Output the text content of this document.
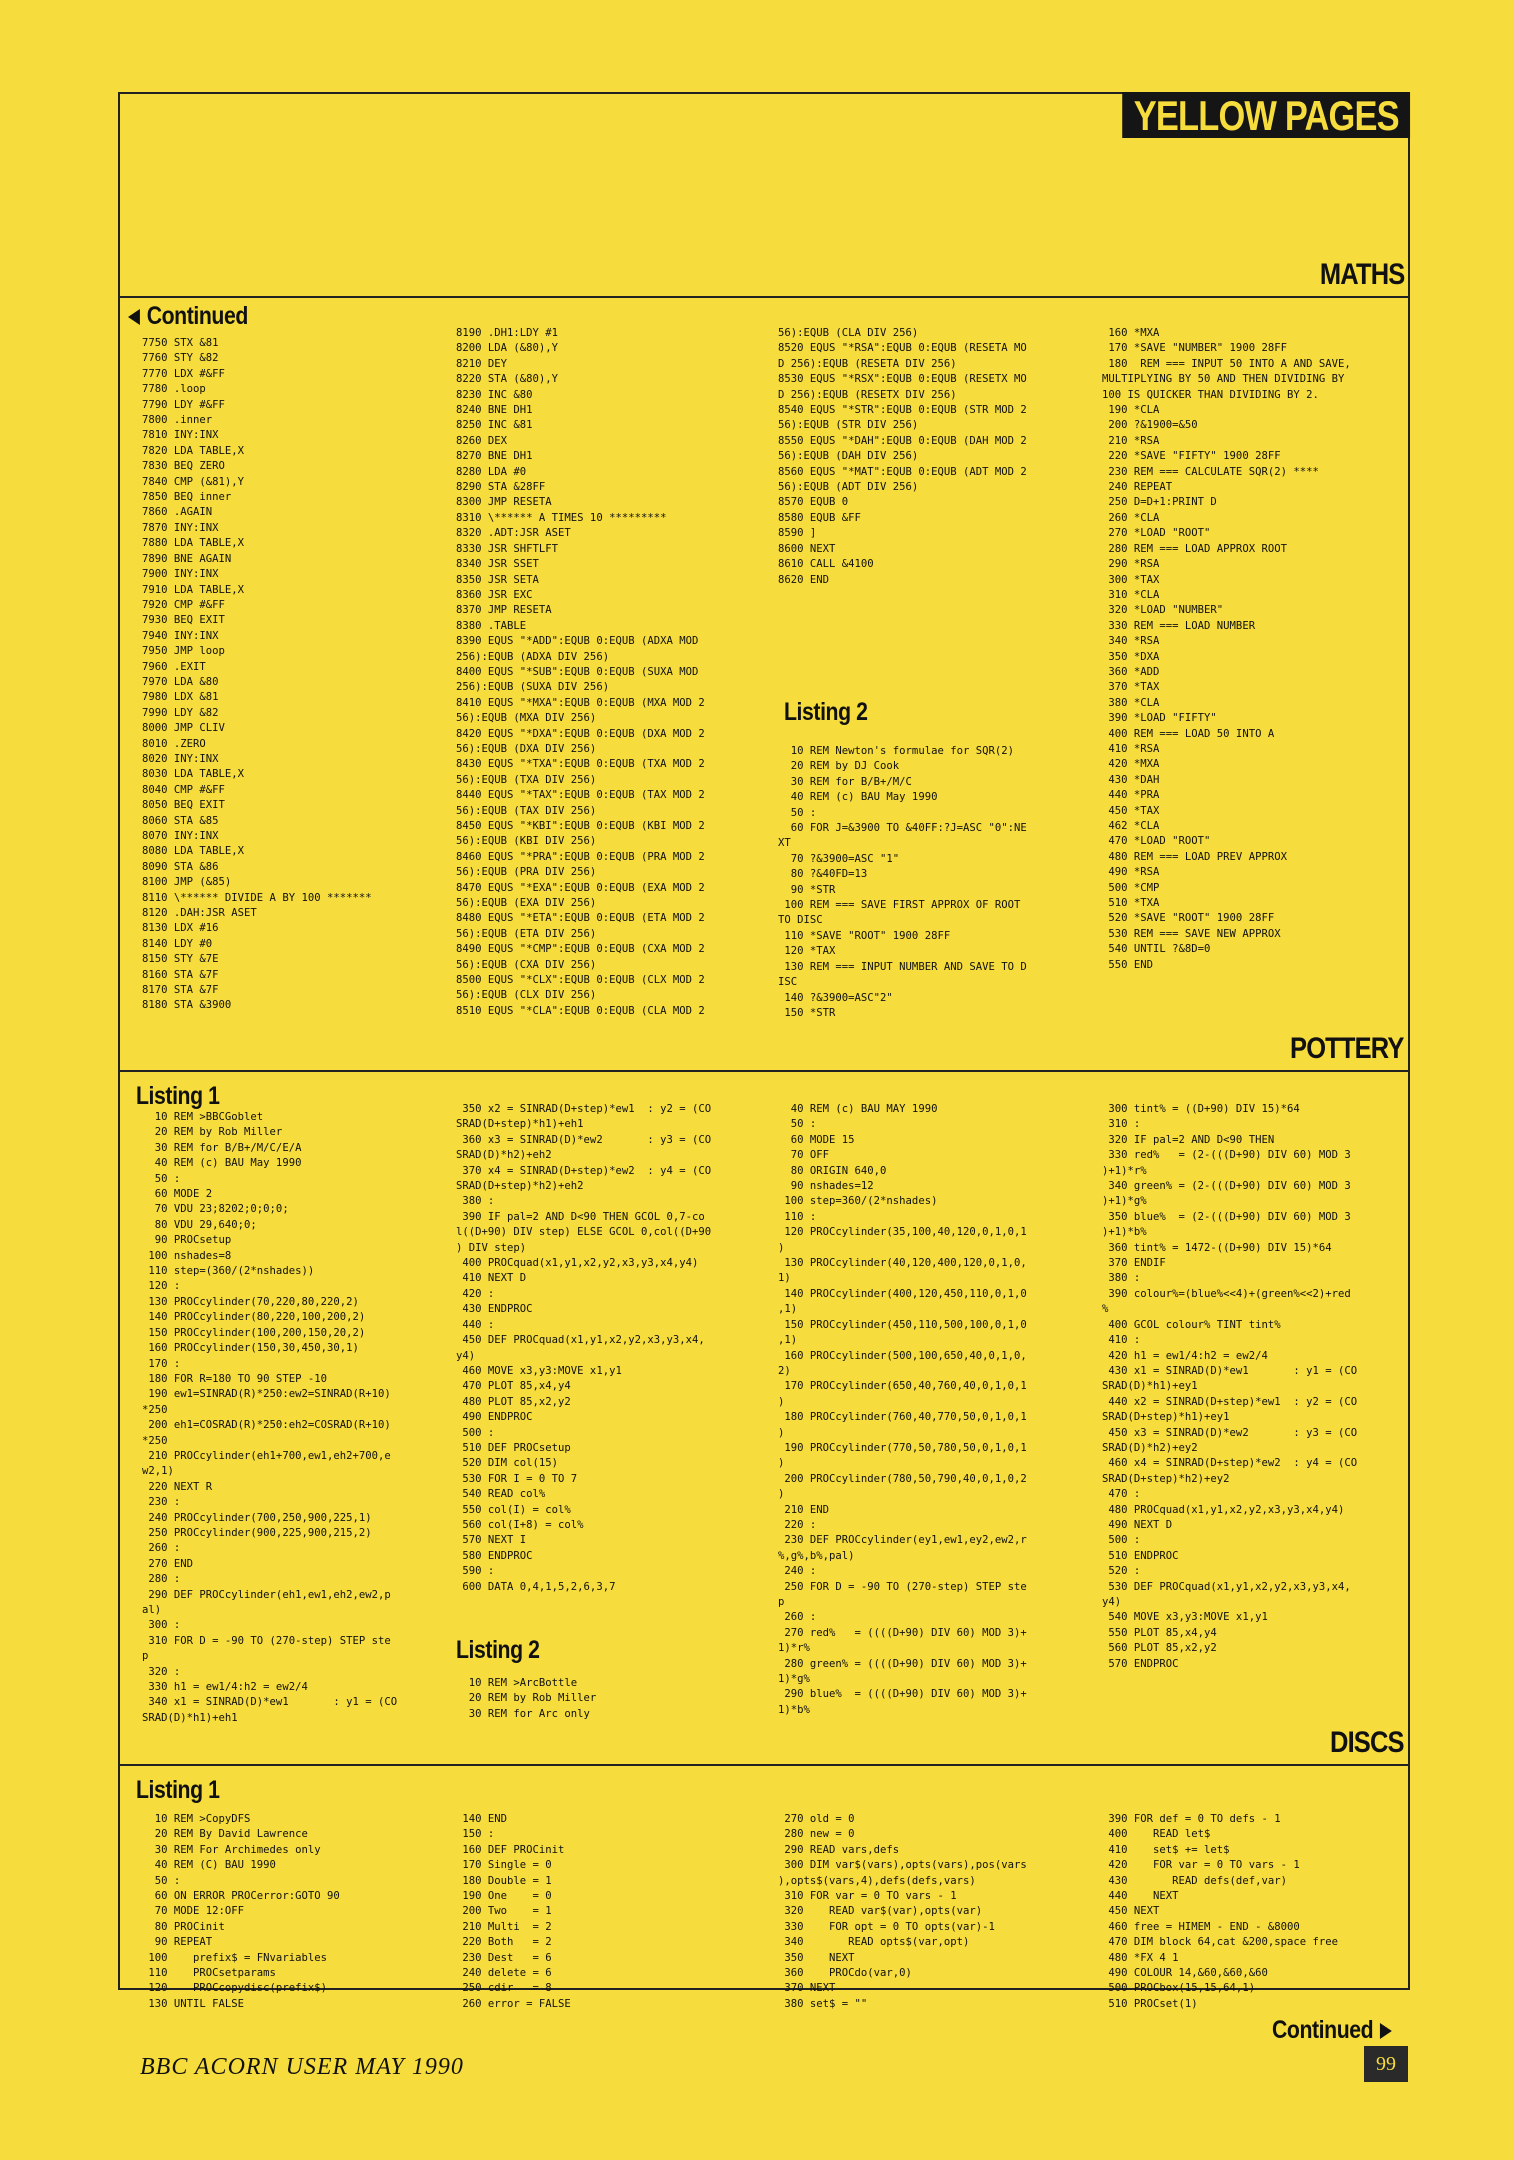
YELLOW PAGES
MATHS
Continued
7750 STX &81
7760 STY &82
7770 LDX #&FF
7780 .loop
7790 LDY #&FF
7800 .inner
7810 INY:INX
7820 LDA TABLE,X
7830 BEQ ZERO
7840 CMP (&81),Y
7850 BEQ inner
7860 .AGAIN
7870 INY:INX
7880 LDA TABLE,X
7890 BNE AGAIN
7900 INY:INX
7910 LDA TABLE,X
7920 CMP #&FF
7930 BEQ EXIT
7940 INY:INX
7950 JMP loop
7960 .EXIT
7970 LDA &80
7980 LDX &81
7990 LDY &82
8000 JMP CLIV
8010 .ZERO
8020 INY:INX
8030 LDA TABLE,X
8040 CMP #&FF
8050 BEQ EXIT
8060 STA &85
8070 INY:INX
8080 LDA TABLE,X
8090 STA &86
8100 JMP (&85)
8110 \****** DIVIDE A BY 100 *******
8120 .DAH:JSR ASET
8130 LDX #16
8140 LDY #0
8150 STY &7E
8160 STA &7F
8170 STA &7F
8180 STA &3900
8190 .DH1:LDY #1
8200 LDA (&80),Y
8210 DEY
8220 STA (&80),Y
8230 INC &80
8240 BNE DH1
8250 INC &81
8260 DEX
8270 BNE DH1
8280 LDA #0
8290 STA &28FF
8300 JMP RESETA
8310 \****** A TIMES 10 *********
8320 .ADT:JSR ASET
8330 JSR SHFTLFT
8340 JSR SSET
8350 JSR SETA
8360 JSR EXC
8370 JMP RESETA
8380 .TABLE
8390 EQUS "*ADD":EQUB 0:EQUB (ADXA MOD
256):EQUB (ADXA DIV 256)
8400 EQUS "*SUB":EQUB 0:EQUB (SUXA MOD
256):EQUB (SUXA DIV 256)
8410 EQUS "*MXA":EQUB 0:EQUB (MXA MOD 2
56):EQUB (MXA DIV 256)
8420 EQUS "*DXA":EQUB 0:EQUB (DXA MOD 2
56):EQUB (DXA DIV 256)
8430 EQUS "*TXA":EQUB 0:EQUB (TXA MOD 2
56):EQUB (TXA DIV 256)
8440 EQUS "*TAX":EQUB 0:EQUB (TAX MOD 2
56):EQUB (TAX DIV 256)
8450 EQUS "*KBI":EQUB 0:EQUB (KBI MOD 2
56):EQUB (KBI DIV 256)
8460 EQUS "*PRA":EQUB 0:EQUB (PRA MOD 2
56):EQUB (PRA DIV 256)
8470 EQUS "*EXA":EQUB 0:EQUB (EXA MOD 2
56):EQUB (EXA DIV 256)
8480 EQUS "*ETA":EQUB 0:EQUB (ETA MOD 2
56):EQUB (ETA DIV 256)
8490 EQUS "*CMP":EQUB 0:EQUB (CXA MOD 2
56):EQUB (CXA DIV 256)
8500 EQUS "*CLX":EQUB 0:EQUB (CLX MOD 2
56):EQUB (CLX DIV 256)
8510 EQUS "*CLA":EQUB 0:EQUB (CLA MOD 2
56):EQUB (CLA DIV 256)
8520 EQUS "*RSA":EQUB 0:EQUB (RESETA MO
D 256):EQUB (RESETA DIV 256)
8530 EQUS "*RSX":EQUB 0:EQUB (RESETX MO
D 256):EQUB (RESETX DIV 256)
8540 EQUS "*STR":EQUB 0:EQUB (STR MOD 2
56):EQUB (STR DIV 256)
8550 EQUS "*DAH":EQUB 0:EQUB (DAH MOD 2
56):EQUB (DAH DIV 256)
8560 EQUS "*MAT":EQUB 0:EQUB (ADT MOD 2
56):EQUB (ADT DIV 256)
8570 EQUB 0
8580 EQUB &FF
8590 ]
8600 NEXT
8610 CALL &4100
8620 END
Listing 2
10 REM Newton's formulae for SQR(2)
20 REM by DJ Cook
30 REM for B/B+/M/C
40 REM (c) BAU May 1990
50 :
60 FOR J=&3900 TO &40FF:?J=ASC "0":NE
XT
70 ?&3900=ASC "1"
80 ?&40FD=13
90 *STR
100 REM === SAVE FIRST APPROX OF ROOT
TO DISC
110 *SAVE "ROOT" 1900 28FF
120 *TAX
130 REM === INPUT NUMBER AND SAVE TO D
ISC
140 ?&3900=ASC"2"
150 *STR
160 *MXA
170 *SAVE "NUMBER" 1900 28FF
180  REM === INPUT 50 INTO A AND SAVE,
MULTIPLYING BY 50 AND THEN DIVIDING BY
100 IS QUICKER THAN DIVIDING BY 2.
190 *CLA
200 ?&1900=&50
210 *RSA
220 *SAVE "FIFTY" 1900 28FF
230 REM === CALCULATE SQR(2) ****
240 REPEAT
250 D=D+1:PRINT D
260 *CLA
270 *LOAD "ROOT"
280 REM === LOAD APPROX ROOT
290 *RSA
300 *TAX
310 *CLA
320 *LOAD "NUMBER"
330 REM === LOAD NUMBER
340 *RSA
350 *DXA
360 *ADD
370 *TAX
380 *CLA
390 *LOAD "FIFTY"
400 REM === LOAD 50 INTO A
410 *RSA
420 *MXA
430 *DAH
440 *PRA
450 *TAX
462 *CLA
470 *LOAD "ROOT"
480 REM === LOAD PREV APPROX
490 *RSA
500 *CMP
510 *TXA
520 *SAVE "ROOT" 1900 28FF
530 REM === SAVE NEW APPROX
540 UNTIL ?&8D=0
550 END
POTTERY
Listing 1
10 REM >BBCGoblet
20 REM by Rob Miller
30 REM for B/B+/M/C/E/A
40 REM (c) BAU May 1990
50 :
60 MODE 2
70 VDU 23;8202;0;0;0;
80 VDU 29,640;0;
90 PROCsetup
100 nshades=8
110 step=(360/(2*nshades))
120 :
130 PROCcylinder(70,220,80,220,2)
140 PROCcylinder(80,220,100,200,2)
150 PROCcylinder(100,200,150,20,2)
160 PROCcylinder(150,30,450,30,1)
170 :
180 FOR R=180 TO 90 STEP -10
190 ew1=SINRAD(R)*250:ew2=SINRAD(R+10)
*250
200 eh1=COSRAD(R)*250:eh2=COSRAD(R+10)
*250
210 PROCcylinder(eh1+700,ew1,eh2+700,e
w2,1)
220 NEXT R
230 :
240 PROCcylinder(700,250,900,225,1)
250 PROCcylinder(900,225,900,215,2)
260 :
270 END
280 :
290 DEF PROCcylinder(eh1,ew1,eh2,ew2,p
al)
300 :
310 FOR D = -90 TO (270-step) STEP ste
p
320 :
330 h1 = ew1/4:h2 = ew2/4
340 x1 = SINRAD(D)*ew1       : y1 = (CO
SRAD(D)*h1)+eh1
350 x2 = SINRAD(D+step)*ew1  : y2 = (CO
SRAD(D+step)*h1)+eh1
360 x3 = SINRAD(D)*ew2       : y3 = (CO
SRAD(D)*h2)+eh2
370 x4 = SINRAD(D+step)*ew2  : y4 = (CO
SRAD(D+step)*h2)+eh2
380 :
390 IF pal=2 AND D<90 THEN GCOL 0,7-co
l((D+90) DIV step) ELSE GCOL 0,col((D+90
) DIV step)
400 PROCquad(x1,y1,x2,y2,x3,y3,x4,y4)
410 NEXT D
420 :
430 ENDPROC
440 :
450 DEF PROCquad(x1,y1,x2,y2,x3,y3,x4,
y4)
460 MOVE x3,y3:MOVE x1,y1
470 PLOT 85,x4,y4
480 PLOT 85,x2,y2
490 ENDPROC
500 :
510 DEF PROCsetup
520 DIM col(15)
530 FOR I = 0 TO 7
540 READ col%
550 col(I) = col%
560 col(I+8) = col%
570 NEXT I
580 ENDPROC
590 :
600 DATA 0,4,1,5,2,6,3,7
Listing 2
10 REM >ArcBottle
20 REM by Rob Miller
30 REM for Arc only
40 REM (c) BAU MAY 1990
50 :
60 MODE 15
70 OFF
80 ORIGIN 640,0
90 nshades=12
100 step=360/(2*nshades)
110 :
120 PROCcylinder(35,100,40,120,0,1,0,1
)
130 PROCcylinder(40,120,400,120,0,1,0,
1)
140 PROCcylinder(400,120,450,110,0,1,0
,1)
150 PROCcylinder(450,110,500,100,0,1,0
,1)
160 PROCcylinder(500,100,650,40,0,1,0,
2)
170 PROCcylinder(650,40,760,40,0,1,0,1
)
180 PROCcylinder(760,40,770,50,0,1,0,1
)
190 PROCcylinder(770,50,780,50,0,1,0,1
)
200 PROCcylinder(780,50,790,40,0,1,0,2
)
210 END
220 :
230 DEF PROCcylinder(ey1,ew1,ey2,ew2,r
%,g%,b%,pal)
240 :
250 FOR D = -90 TO (270-step) STEP ste
p
260 :
270 red%   = ((((D+90) DIV 60) MOD 3)+
1)*r%
280 green% = ((((D+90) DIV 60) MOD 3)+
1)*g%
290 blue%  = ((((D+90) DIV 60) MOD 3)+
1)*b%
300 tint% = ((D+90) DIV 15)*64
310 :
320 IF pal=2 AND D<90 THEN
330 red%   = (2-(((D+90) DIV 60) MOD 3
)+1)*r%
340 green% = (2-(((D+90) DIV 60) MOD 3
)+1)*g%
350 blue%  = (2-(((D+90) DIV 60) MOD 3
)+1)*b%
360 tint% = 1472-((D+90) DIV 15)*64
370 ENDIF
380 :
390 colour%=(blue%<<4)+(green%<<2)+red
%
400 GCOL colour% TINT tint%
410 :
420 h1 = ew1/4:h2 = ew2/4
430 x1 = SINRAD(D)*ew1       : y1 = (CO
SRAD(D)*h1)+ey1
440 x2 = SINRAD(D+step)*ew1  : y2 = (CO
SRAD(D+step)*h1)+ey1
450 x3 = SINRAD(D)*ew2       : y3 = (CO
SRAD(D)*h2)+ey2
460 x4 = SINRAD(D+step)*ew2  : y4 = (CO
SRAD(D+step)*h2)+ey2
470 :
480 PROCquad(x1,y1,x2,y2,x3,y3,x4,y4)
490 NEXT D
500 :
510 ENDPROC
520 :
530 DEF PROCquad(x1,y1,x2,y2,x3,y3,x4,
y4)
540 MOVE x3,y3:MOVE x1,y1
550 PLOT 85,x4,y4
560 PLOT 85,x2,y2
570 ENDPROC
DISCS
Listing 1
10 REM >CopyDFS
20 REM By David Lawrence
30 REM For Archimedes only
40 REM (C) BAU 1990
50 :
60 ON ERROR PROCerror:GOTO 90
70 MODE 12:OFF
80 PROCinit
90 REPEAT
100    prefix$ = FNvariables
110    PROCsetparams
120    PROCcopydisc(prefix$)
130 UNTIL FALSE
140 END
150 :
160 DEF PROCinit
170 Single = 0
180 Double = 1
190 One    = 0
200 Two    = 1
210 Multi  = 2
220 Both   = 2
230 Dest   = 6
240 delete = 6
250 cdir   = 8
260 error = FALSE
270 old = 0
280 new = 0
290 READ vars,defs
300 DIM var$(vars),opts(vars),pos(vars
),opts$(vars,4),defs(defs,vars)
310 FOR var = 0 TO vars - 1
320    READ var$(var),opts(var)
330    FOR opt = 0 TO opts(var)-1
340       READ opts$(var,opt)
350    NEXT
360    PROCdo(var,0)
370 NEXT
380 set$ = ""
390 FOR def = 0 TO defs - 1
400    READ let$
410    set$ += let$
420    FOR var = 0 TO vars - 1
430       READ defs(def,var)
440    NEXT
450 NEXT
460 free = HIMEM - END - &8000
470 DIM block 64,cat &200,space free
480 *FX 4 1
490 COLOUR 14,&60,&60,&60
500 PROCbox(15,15,64,1)
510 PROCset(1)
Continued
BBC ACORN USER MAY 1990	99
